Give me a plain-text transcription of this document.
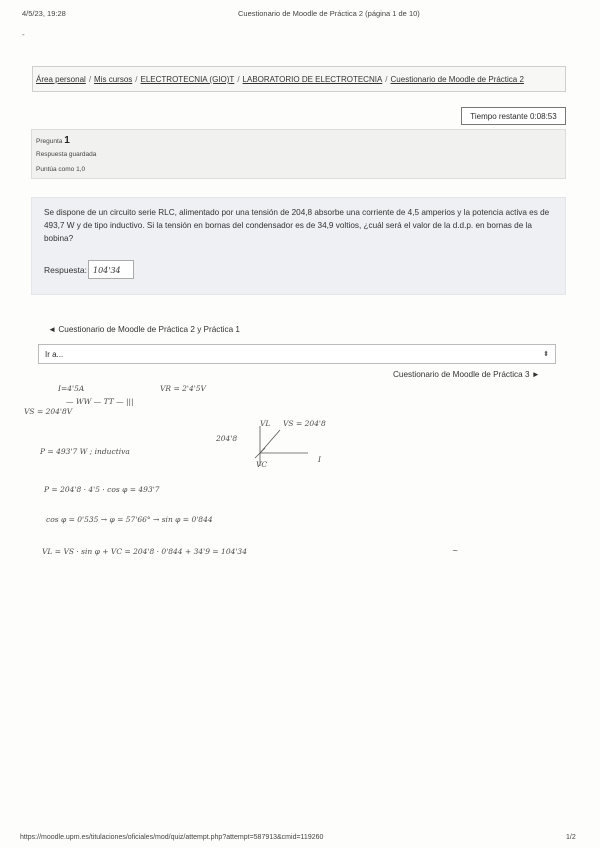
4/5/23, 19:28	Cuestionario de Moodle de Práctica 2 (página 1 de 10)
-
Área personal / Mis cursos / ELECTROTECNIA (GIO)T / LABORATORIO DE ELECTROTECNIA / Cuestionario de Moodle de Práctica 2
Tiempo restante 0:08:53
Pregunta 1
Respuesta guardada
Puntúa como 1,0
Se dispone de un circuito serie RLC, alimentado por una tensión de 204,8 absorbe una corriente de 4,5 amperios y la potencia activa es de 493,7 W y de tipo inductivo. Si la tensión en bornas del condensador es de 34,9 voltios, ¿cuál será el valor de la d.d.p. en bornas de la bobina?
Respuesta: 104'34
◄ Cuestionario de Moodle de Práctica 2 y Práctica 1
Ir a...	⬍
Cuestionario de Moodle de Práctica 3 ►
I=4'5A	VR = 2'4'5V
— WW — TT — |||
VS = 204'8V
VL VS = 204'8
204'8
VC
I
P = 493'7 W ; inductiva
P = 204'8 · 4'5 · cos φ = 493'7
cos φ = 0'535 → φ = 57'66° → sin φ = 0'844
VL = VS · sin φ + VC = 204'8 · 0'844 + 34'9 = 104'34	~
https://moodle.upm.es/titulaciones/oficiales/mod/quiz/attempt.php?attempt=587913&cmid=119260	1/2
